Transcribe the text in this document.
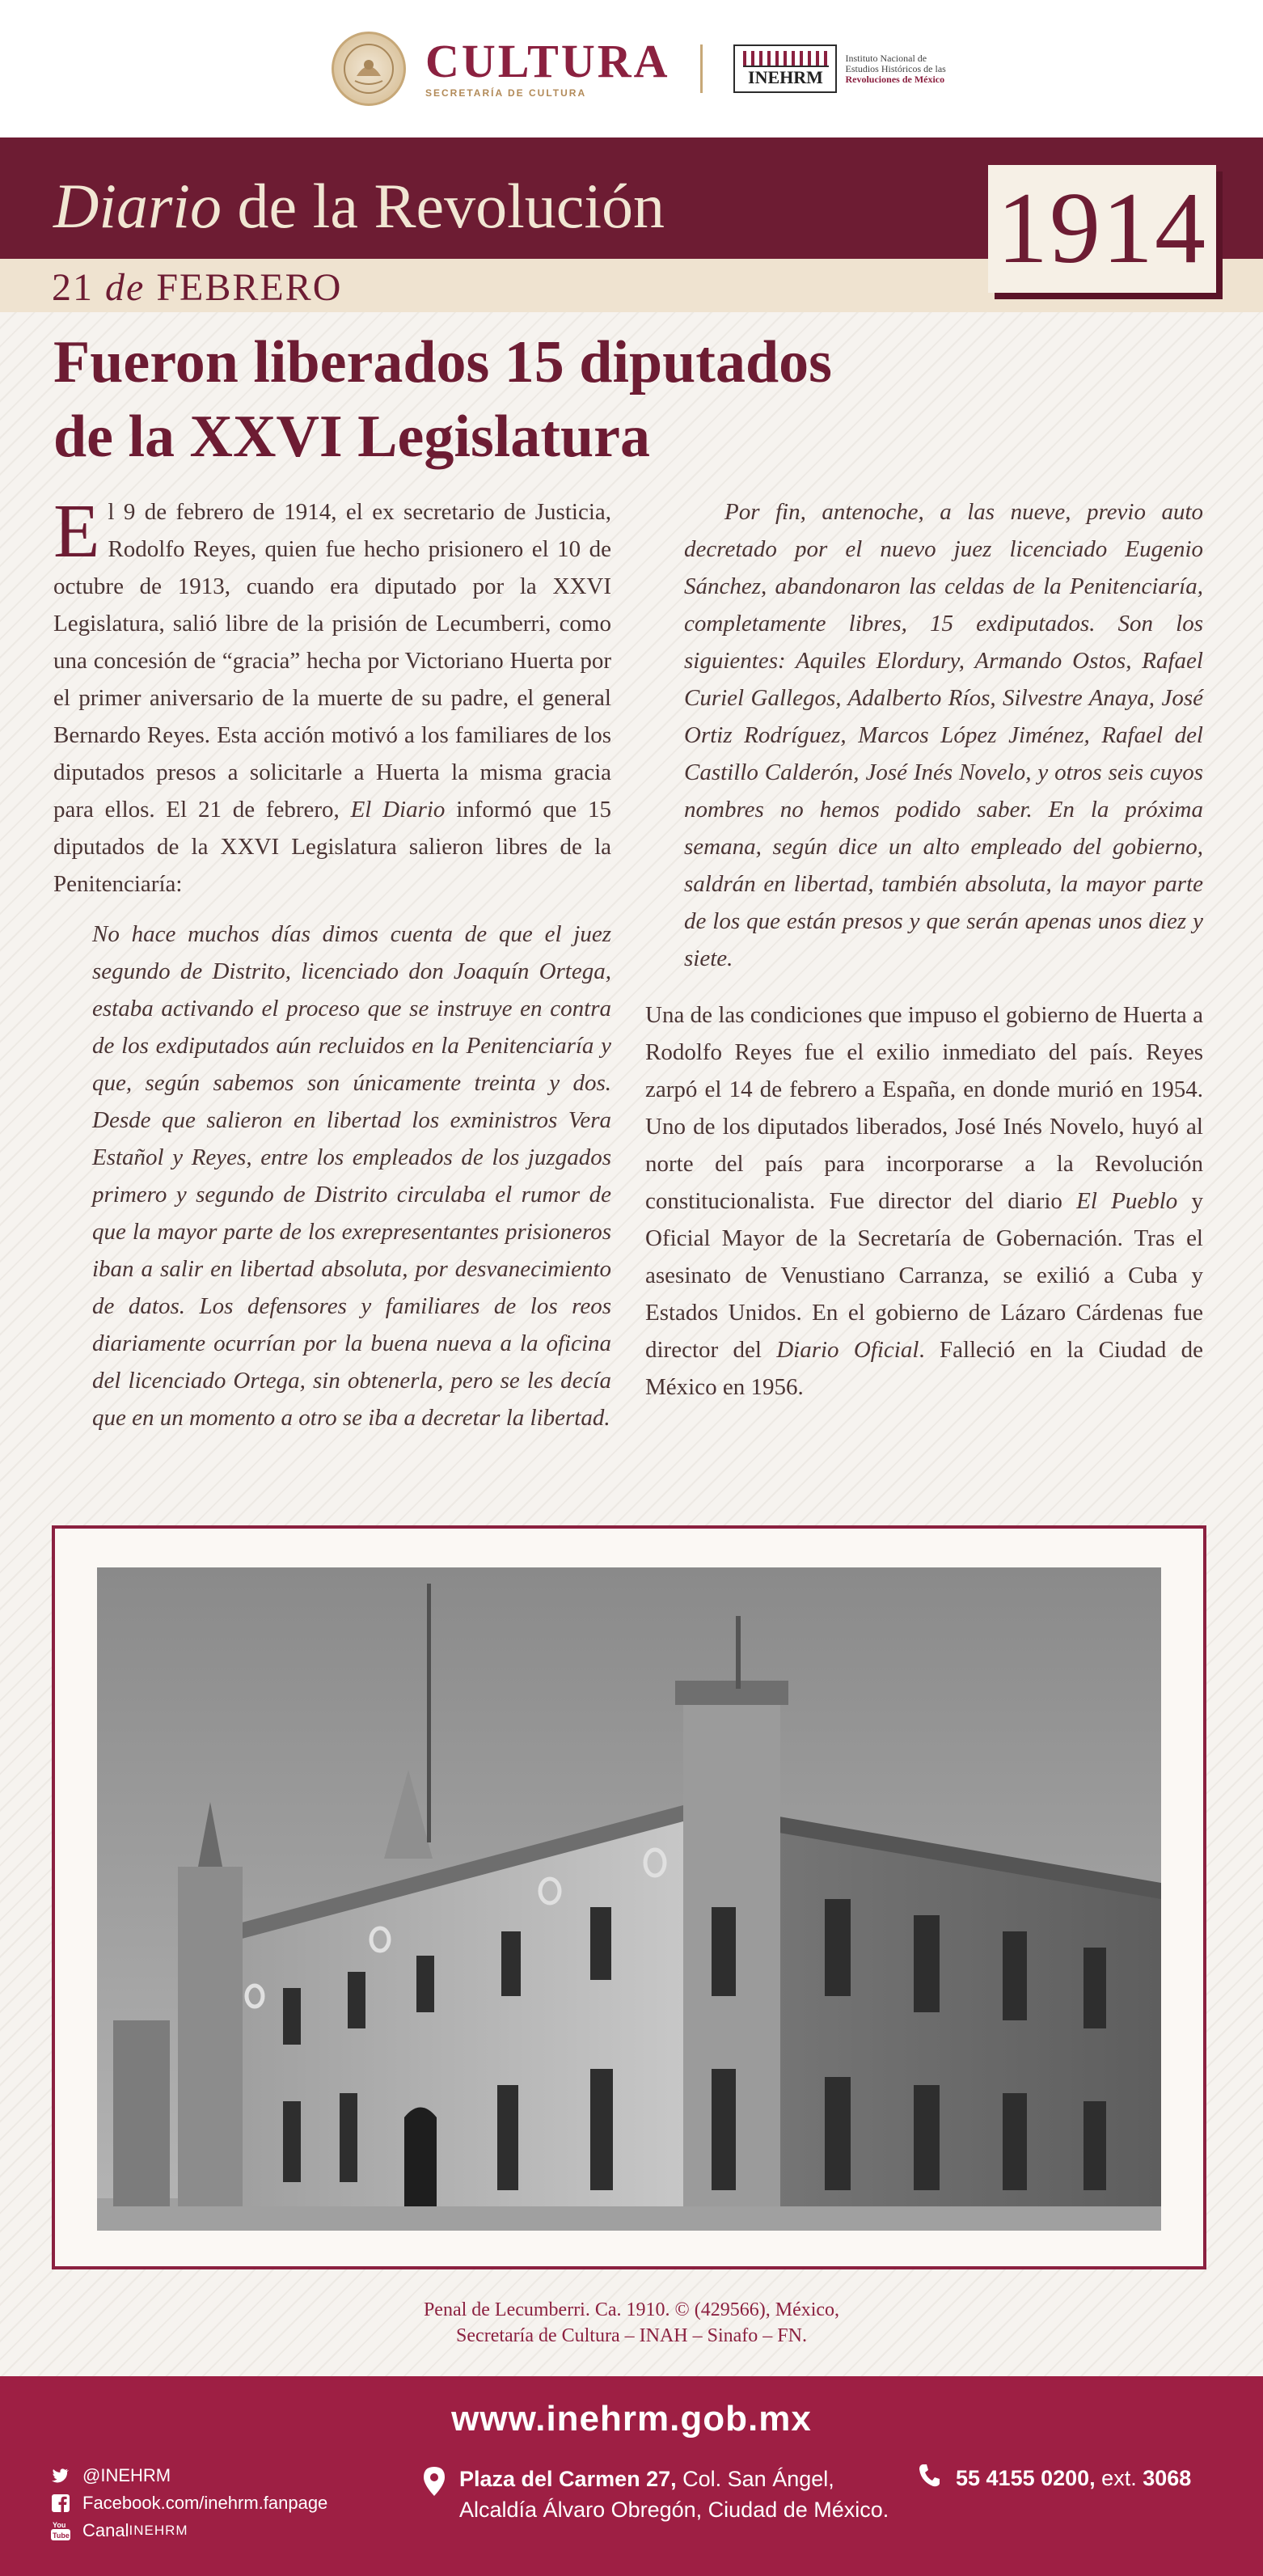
CULTURA
SECRETARÍA DE CULTURA
INEHRM
Instituto Nacional de
Estudios Históricos de las
Revoluciones de México
Diario de la Revolución
21 de FEBRERO
1914
Fueron liberados 15 diputados
de la XXVI Legislatura

El 9 de febrero de 1914, el ex secretario de Justicia, Rodolfo Reyes, quien fue hecho prisionero el 10 de octubre de 1913, cuando era diputado por la XXVI Legislatura, salió libre de la prisión de Lecumberri, como una concesión de “gracia” hecha por Victoriano Huerta por el primer aniversario de la muerte de su padre, el general Bernardo Reyes. Esta acción motivó a los familiares de los diputados presos a solicitarle a Huerta la misma gracia para ellos. El 21 de febrero, El Diario informó que 15 diputados de la XXVI Legislatura salieron libres de la Penitenciaría:

No hace muchos días dimos cuenta de que el juez segundo de Distrito, licenciado don Joaquín Ortega, estaba activando el proceso que se instruye en contra de los exdiputados aún recluidos en la Penitenciaría y que, según sabemos son únicamente treinta y dos. Desde que salieron en libertad los exministros Vera Estañol y Reyes, entre los empleados de los juzgados primero y segundo de Distrito circulaba el rumor de que la mayor parte de los exrepresentantes prisioneros iban a salir en libertad absoluta, por desvanecimiento de datos. Los defensores y familiares de los reos diariamente ocurrían por la buena nueva a la oficina del licenciado Ortega, sin obtenerla, pero se les decía que en un momento a otro se iba a decretar la libertad.

Por fin, antenoche, a las nueve, previo auto decretado por el nuevo juez licenciado Eugenio Sánchez, abandonaron las celdas de la Penitenciaría, completamente libres, 15 exdiputados. Son los siguientes: Aquiles Elordury, Armando Ostos, Rafael Curiel Gallegos, Adalberto Ríos, Silvestre Anaya, José Ortiz Rodríguez, Marcos López Jiménez, Rafael del Castillo Calderón, José Inés Novelo, y otros seis cuyos nombres no hemos podido saber. En la próxima semana, según dice un alto empleado del gobierno, saldrán en libertad, también absoluta, la mayor parte de los que están presos y que serán apenas unos diez y siete.

Una de las condiciones que impuso el gobierno de Huerta a Rodolfo Reyes fue el exilio inmediato del país. Reyes zarpó el 14 de febrero a España, en donde murió en 1954. Uno de los diputados liberados, José Inés Novelo, huyó al norte del país para incorporarse a la Revolución constitucionalista. Fue director del diario El Pueblo y Oficial Mayor de la Secretaría de Gobernación. Tras el asesinato de Venustiano Carranza, se exilió a Cuba y Estados Unidos. En el gobierno de Lázaro Cárdenas fue director del Diario Oficial. Falleció en la Ciudad de México en 1956.

Penal de Lecumberri. Ca. 1910. © (429566), México,
Secretaría de Cultura – INAH – Sinafo – FN.
www.inehrm.gob.mx
@INEHRM
Facebook.com/inehrm.fanpage
You
Tube Canal INEHRM
Plaza del Carmen 27, Col. San Ángel,
Alcaldía Álvaro Obregón, Ciudad de México.
55 4155 0200, ext. 3068
